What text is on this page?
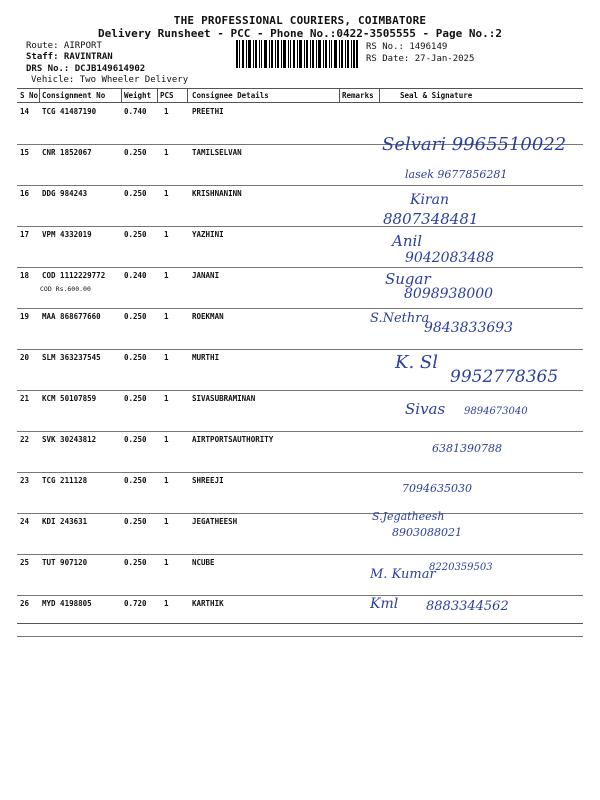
THE PROFESSIONAL COURIERS, COIMBATORE
Delivery Runsheet - PCC - Phone No.:0422-3505555 - Page No.:2
Route: AIRPORT
Staff: RAVINTRAN
DRS No.: DCJB149614902
Vehicle: Two Wheeler Delivery
RS No.: 1496149
RS Date: 27-Jan-2025
S No Consignment No	Weight PCS Consignee Details	Remarks	Seal & Signature
14 TCG 41487190	0.740 1	PREETHI
15 CNR 1852067	0.250 1	TAMILSELVAN
16 DDG 984243	0.250 1	KRISHNANINN
17 VPM 4332019	0.250 1	YAZHINI
18 COD 1112229772	0.240 1	JANANI
COD Rs.600.00
19 MAA 868677660	0.250 1	ROEKMAN
20 SLM 363237545	0.250 1	MURTHI
21 KCM 50107859	0.250 1	SIVASUBRAMINAN
22 SVK 30243812	0.250 1	AIRTPORTSAUTHORITY
23 TCG 211128	0.250 1	SHREEJI
24 KDI 243631	0.250 1	JEGATHEESH
25 TUT 907120	0.250 1	NCUBE
26 MYD 4198805	0.720 1	KARTHIK
Selvari 9965510022
lasek 9677856281
Kiran
8807348481
Anil
9042083488
Sugar
8098938000
S.Nethra
9843833693
K. Sl
9952778365
Sivas 9894673040
6381390788
7094635030
S.Jegatheesh
8903088021
M. Kumar
8220359503
Kml 8883344562
